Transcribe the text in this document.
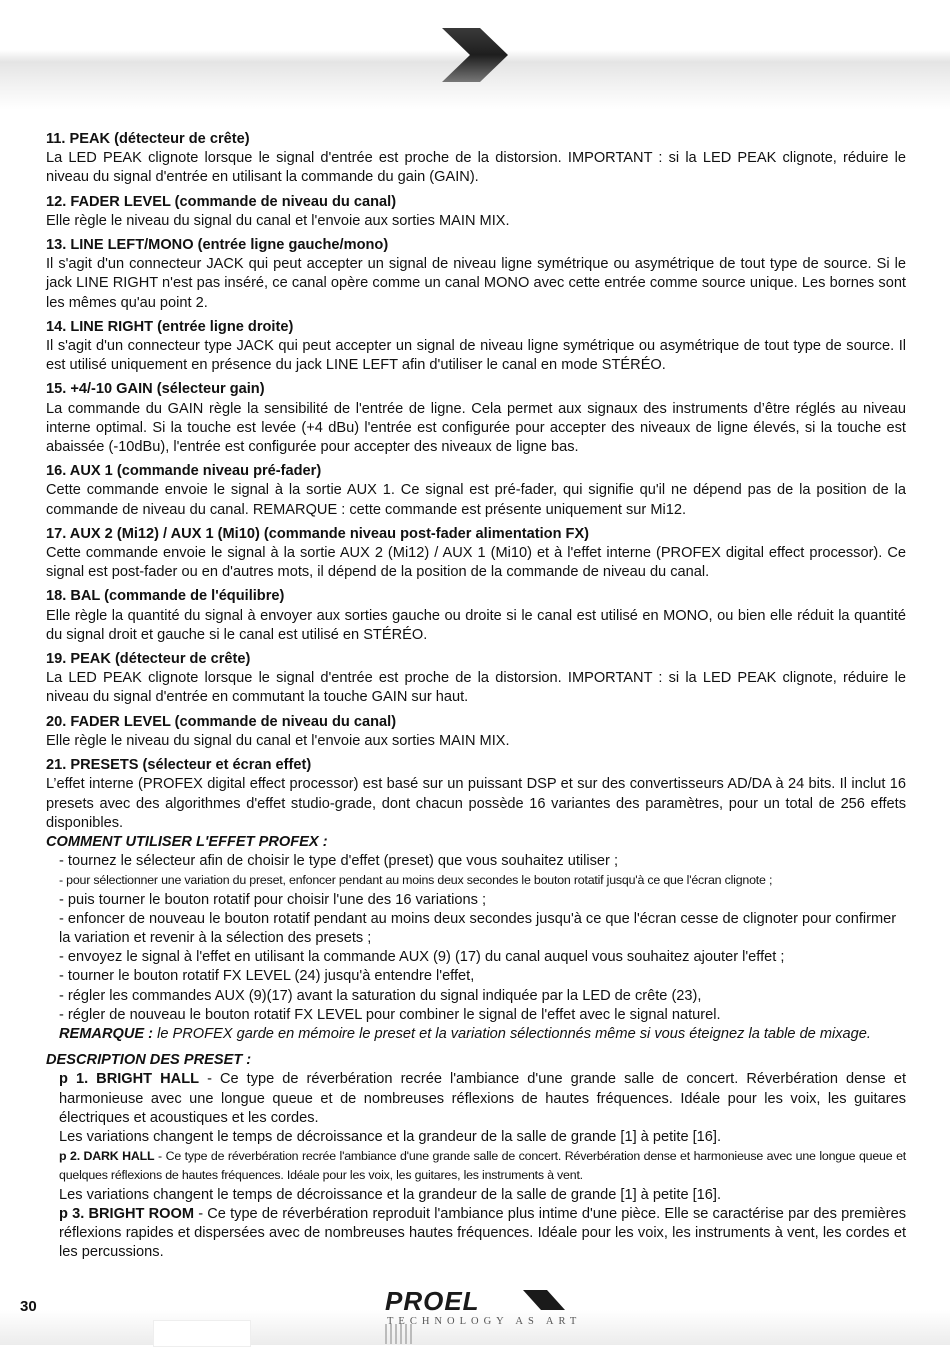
11. PEAK (détecteur de crête)
La LED PEAK clignote lorsque le signal d'entrée est proche de la distorsion. IMPORTANT : si la LED PEAK clignote, réduire le niveau du signal d'entrée en utilisant la commande du gain (GAIN).
12. FADER LEVEL (commande de niveau du canal)
Elle règle le niveau du signal du canal et l'envoie aux sorties MAIN MIX.
13. LINE LEFT/MONO (entrée ligne gauche/mono)
Il s'agit d'un connecteur JACK qui peut accepter un signal de niveau ligne symétrique ou asymétrique de tout type de source. Si le jack LINE RIGHT n'est pas inséré, ce canal opère comme un canal MONO avec cette entrée comme source unique. Les bornes sont les mêmes qu'au point 2.
14. LINE RIGHT (entrée ligne droite)
Il s'agit d'un connecteur type JACK qui peut accepter un signal de niveau ligne symétrique ou asymétrique de tout type de source. Il est utilisé uniquement en présence du jack LINE LEFT afin d'utiliser le canal en mode STÉRÉO.
15. +4/-10 GAIN (sélecteur gain)
La commande du GAIN règle la sensibilité de l'entrée de ligne. Cela permet aux signaux des instruments d’être réglés au niveau interne optimal. Si la touche est levée (+4 dBu) l'entrée est configurée pour accepter des niveaux de ligne élevés, si la touche est abaissée (-10dBu), l'entrée est configurée pour accepter des niveaux de ligne bas.
16. AUX 1 (commande niveau pré-fader)
Cette commande envoie le signal à la sortie AUX 1. Ce signal est pré-fader, qui signifie qu'il ne dépend pas de la position de la commande de niveau du canal. REMARQUE : cette commande est présente uniquement sur Mi12.
17. AUX 2 (Mi12) / AUX 1 (Mi10) (commande niveau post-fader alimentation FX)
Cette commande envoie le signal à la sortie AUX 2 (Mi12) / AUX 1 (Mi10) et à l'effet interne (PROFEX digital effect processor). Ce signal est post-fader ou en d'autres mots, il dépend de la position de la commande de niveau du canal.
18. BAL (commande de l'équilibre)
Elle règle la quantité du signal à envoyer aux sorties gauche ou droite si le canal est utilisé en MONO, ou bien elle réduit la quantité du signal droit et gauche si le canal est utilisé en STÉRÉO.
19. PEAK (détecteur de crête)
La LED PEAK clignote lorsque le signal d'entrée est proche de la distorsion. IMPORTANT : si la LED PEAK clignote, réduire le niveau du signal d'entrée en commutant la touche GAIN sur haut.
20. FADER LEVEL (commande de niveau du canal)
Elle règle le niveau du signal du canal et l'envoie aux sorties MAIN MIX.
21. PRESETS (sélecteur et écran effet)
L’effet interne (PROFEX digital effect processor) est basé sur un puissant DSP et sur des convertisseurs AD/DA à 24 bits. Il inclut 16 presets avec des algorithmes d'effet studio-grade, dont chacun possède 16 variantes des paramètres, pour un total de 256 effets disponibles.
COMMENT UTILISER L'EFFET PROFEX :
- tournez le sélecteur afin de choisir le type d'effet (preset) que vous souhaitez utiliser ;
- pour sélectionner une variation du preset, enfoncer pendant au moins deux secondes le bouton rotatif jusqu'à ce que l'écran clignote ;
- puis tourner le bouton rotatif pour choisir l'une des 16 variations ;
- enfoncer de nouveau le bouton rotatif pendant au moins deux secondes jusqu'à ce que l'écran cesse de clignoter pour confirmer la variation et revenir à la sélection des presets ;
- envoyez le signal à l'effet en utilisant la commande AUX (9) (17) du canal auquel vous souhaitez ajouter l'effet ;
- tourner le bouton rotatif FX LEVEL (24) jusqu'à entendre l'effet,
- régler les commandes AUX (9)(17) avant la saturation du signal indiquée par la LED de crête (23),
- régler de nouveau le bouton rotatif FX LEVEL pour combiner le signal de l'effet avec le signal naturel.
REMARQUE : le PROFEX garde en mémoire le preset et la variation sélectionnés même si vous éteignez la table de mixage.
DESCRIPTION DES PRESET :
p 1. BRIGHT HALL - Ce type de réverbération recrée l'ambiance d'une grande salle de concert. Réverbération dense et harmonieuse avec une longue queue et de nombreuses réflexions de hautes fréquences. Idéale pour les voix, les guitares électriques et acoustiques et les cordes.
Les variations changent le temps de décroissance et la grandeur de la salle de grande [1] à petite [16].
p 2. DARK HALL - Ce type de réverbération recrée l'ambiance d'une grande salle de concert. Réverbération dense et harmonieuse avec une longue queue et quelques réflexions de hautes fréquences. Idéale pour les voix, les guitares, les instruments à vent.
Les variations changent le temps de décroissance et la grandeur de la salle de grande [1] à petite [16].
p 3. BRIGHT ROOM - Ce type de réverbération reproduit l'ambiance plus intime d'une pièce. Elle se caractérise par des premières réflexions rapides et dispersées avec de nombreuses hautes fréquences. Idéale pour les voix, les instruments à vent, les cordes et les percussions.
30	PROEL
TECHNOLOGY AS ART
